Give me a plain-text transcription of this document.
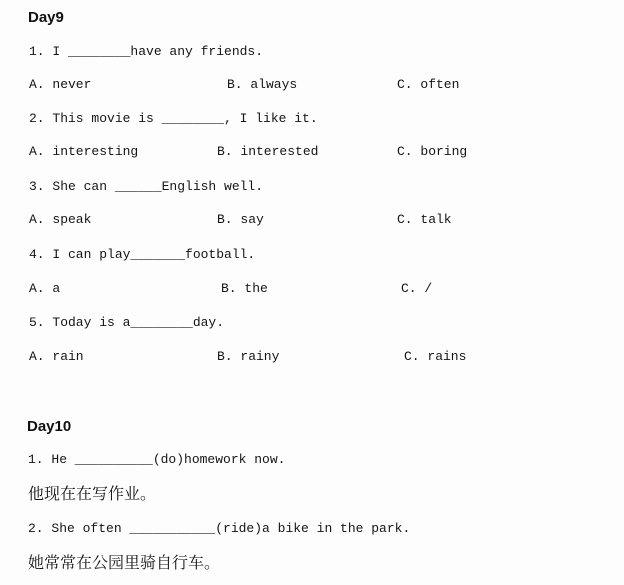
Day9
1. I ________have any friends.
A. never	B. always	C. often
2. This movie is ________, I like it.
A. interesting	B. interested	C. boring
3. She can ______English well.
A. speak	B. say	C. talk
4. I can play_______football.
A. a	B. the	C. /
5. Today is a________day.
A. rain	B. rainy	C. rains
Day10
1. He __________(do)homework now.
他现在在写作业。
2. She often ___________(ride)a bike in the park.
她常常在公园里骑自行车。
